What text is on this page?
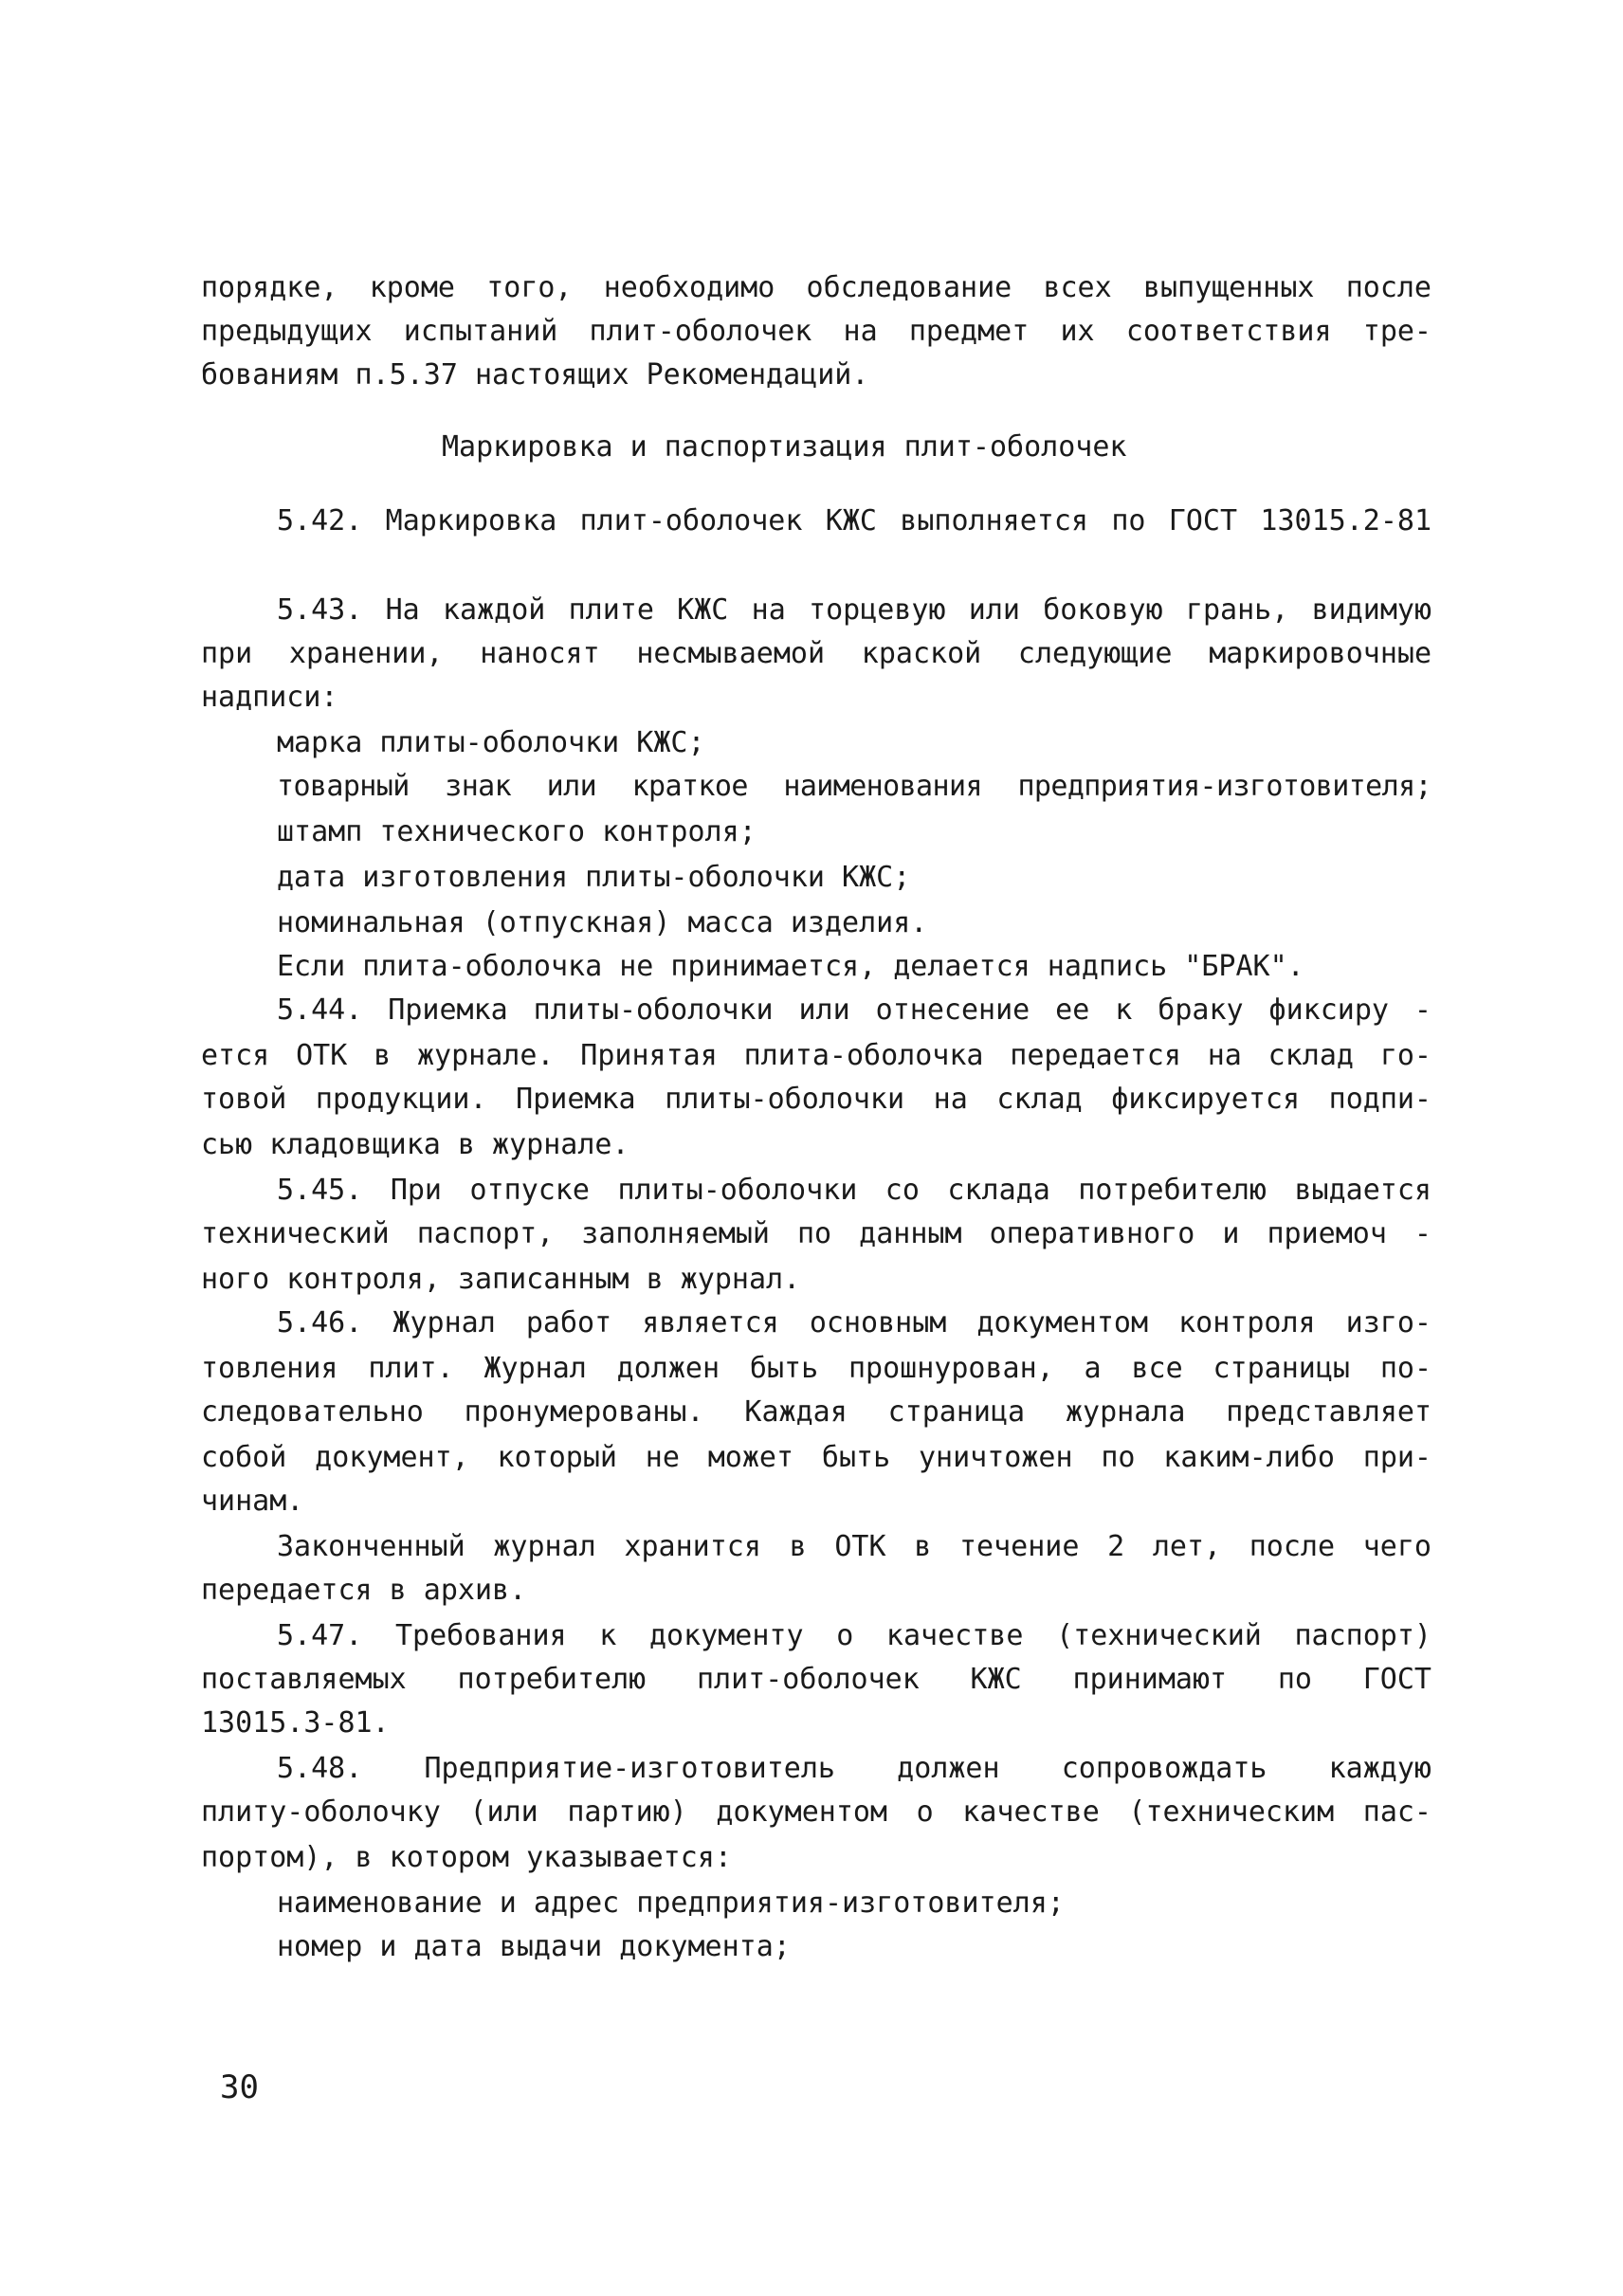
порядке, кроме того, необходимо обследование всех выпущенных после
предыдущих испытаний плит-оболочек на предмет их соответствия тре-
бованиям п.5.37 настоящих Рекомендаций.
Маркировка и паспортизация плит-оболочек
5.42. Маркировка плит-оболочек КЖС выполняется по ГОСТ 13015.2-81
5.43. На каждой плите КЖС на торцевую или боковую грань, видимую
при хранении, наносят несмываемой краской следующие маркировочные
надписи:
марка плиты-оболочки КЖС;
товарный знак или краткое наименования предприятия-изготовителя;
штамп технического контроля;
дата изготовления плиты-оболочки КЖС;
номинальная (отпускная) масса изделия.
Если плита-оболочка не принимается, делается надпись "БРАК".
5.44. Приемка плиты-оболочки или отнесение ее к браку фиксиру -
ется ОТК в журнале. Принятая плита-оболочка передается на склад го-
товой продукции. Приемка плиты-оболочки на склад фиксируется подпи-
сью кладовщика в журнале.
5.45. При отпуске плиты-оболочки со склада потребителю выдается
технический паспорт, заполняемый по данным оперативного и приемоч -
ного контроля, записанным в журнал.
5.46. Журнал работ является основным документом контроля изго-
товления плит. Журнал должен быть прошнурован, а все страницы по-
следовательно пронумерованы. Каждая страница журнала представляет
собой документ, который не может быть уничтожен по каким-либо при-
чинам.
Законченный журнал хранится в ОТК в течение 2 лет, после чего
передается в архив.
5.47. Требования к документу о качестве (технический паспорт)
поставляемых потребителю плит-оболочек КЖС принимают по ГОСТ
13015.3-81.
5.48. Предприятие-изготовитель должен сопровождать каждую
плиту-оболочку (или партию) документом о качестве (техническим пас-
портом), в котором указывается:
наименование и адрес предприятия-изготовителя;
номер и дата выдачи документа;
30
